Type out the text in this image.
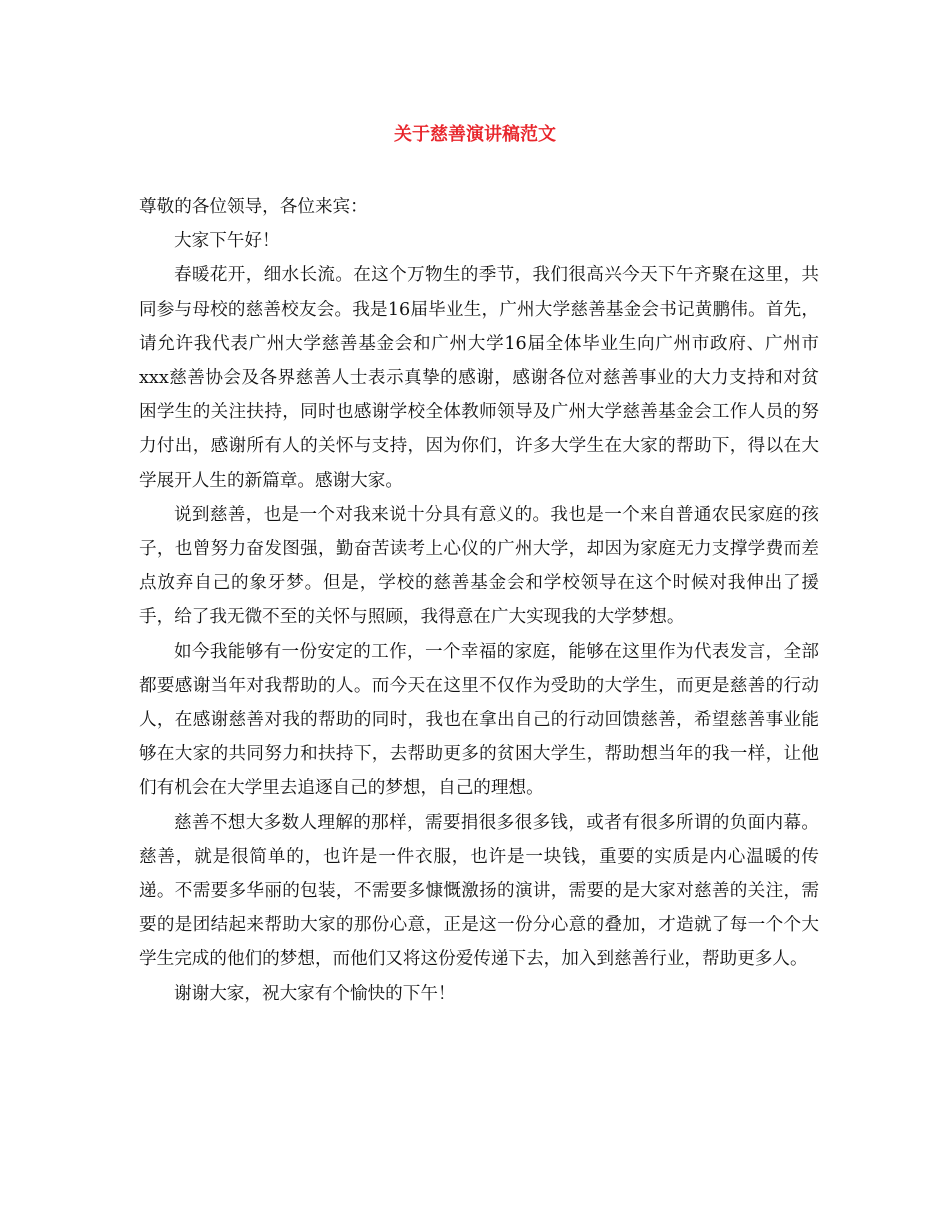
关于慈善演讲稿范文

尊敬的各位领导，各位来宾：

大家下午好！

春暖花开，细水长流。在这个万物生的季节，我们很高兴今天下午齐聚在这里，共同参与母校的慈善校友会。我是16届毕业生，广州大学慈善基金会书记黄鹏伟。首先，请允许我代表广州大学慈善基金会和广州大学16届全体毕业生向广州市政府、广州市xxx慈善协会及各界慈善人士表示真挚的感谢，感谢各位对慈善事业的大力支持和对贫困学生的关注扶持，同时也感谢学校全体教师领导及广州大学慈善基金会工作人员的努力付出，感谢所有人的关怀与支持，因为你们，许多大学生在大家的帮助下，得以在大学展开人生的新篇章。感谢大家。

说到慈善，也是一个对我来说十分具有意义的。我也是一个来自普通农民家庭的孩子，也曾努力奋发图强，勤奋苦读考上心仪的广州大学，却因为家庭无力支撑学费而差点放弃自己的象牙梦。但是，学校的慈善基金会和学校领导在这个时候对我伸出了援手，给了我无微不至的关怀与照顾，我得意在广大实现我的大学梦想。

如今我能够有一份安定的工作，一个幸福的家庭，能够在这里作为代表发言，全部都要感谢当年对我帮助的人。而今天在这里不仅作为受助的大学生，而更是慈善的行动人，在感谢慈善对我的帮助的同时，我也在拿出自己的行动回馈慈善，希望慈善事业能够在大家的共同努力和扶持下，去帮助更多的贫困大学生，帮助想当年的我一样，让他们有机会在大学里去追逐自己的梦想，自己的理想。

慈善不想大多数人理解的那样，需要捐很多很多钱，或者有很多所谓的负面内幕。慈善，就是很简单的，也许是一件衣服，也许是一块钱，重要的实质是内心温暖的传递。不需要多华丽的包装，不需要多慷慨激扬的演讲，需要的是大家对慈善的关注，需要的是团结起来帮助大家的那份心意，正是这一份分心意的叠加，才造就了每一个个大学生完成的他们的梦想，而他们又将这份爱传递下去，加入到慈善行业，帮助更多人。

谢谢大家，祝大家有个愉快的下午！
